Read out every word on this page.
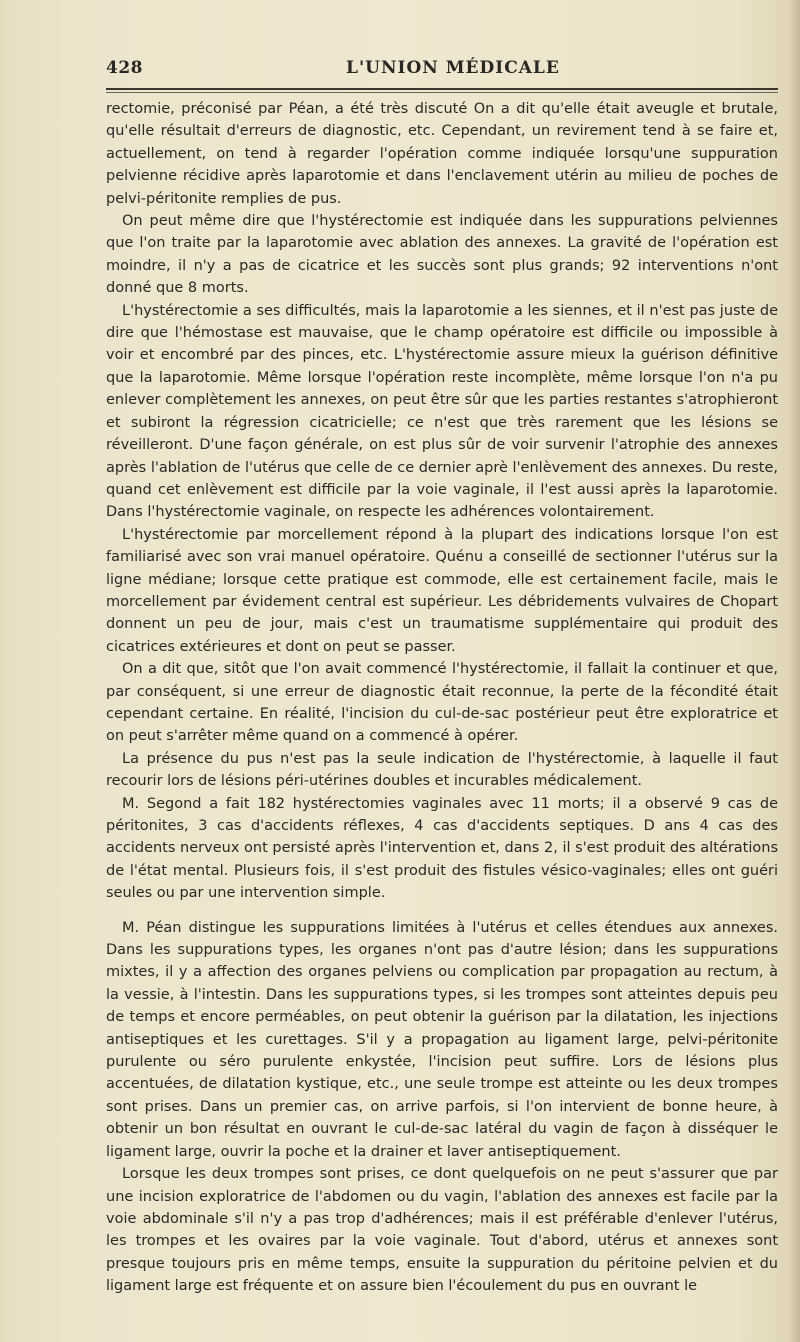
428	L'UNION MÉDICALE

rectomie, préconisé par Péan, a été très discuté On a dit qu'elle était aveugle et brutale, qu'elle résultait d'erreurs de diagnostic, etc. Cependant, un revirement tend à se faire et, actuellement, on tend à regarder l'opération comme indiquée lorsqu'une suppuration pelvienne récidive après laparotomie et dans l'enclavement utérin au milieu de poches de pelvi-péritonite remplies de pus.

On peut même dire que l'hystérectomie est indiquée dans les suppurations pelviennes que l'on traite par la laparotomie avec ablation des annexes. La gravité de l'opération est moindre, il n'y a pas de cicatrice et les succès sont plus grands; 92 interventions n'ont donné que 8 morts.

L'hystérectomie a ses difficultés, mais la laparotomie a les siennes, et il n'est pas juste de dire que l'hémostase est mauvaise, que le champ opératoire est difficile ou impossible à voir et encombré par des pinces, etc. L'hystérectomie assure mieux la guérison définitive que la laparotomie. Même lorsque l'opération reste incomplète, même lorsque l'on n'a pu enlever complètement les annexes, on peut être sûr que les parties restantes s'atrophieront et subiront la régression cicatricielle; ce n'est que très rarement que les lésions se réveilleront. D'une façon générale, on est plus sûr de voir survenir l'atrophie des annexes après l'ablation de l'utérus que celle de ce dernier aprè l'enlèvement des annexes. Du reste, quand cet enlèvement est difficile par la voie vaginale, il l'est aussi après la laparotomie. Dans l'hystérectomie vaginale, on respecte les adhérences volontairement.

L'hystérectomie par morcellement répond à la plupart des indications lorsque l'on est familiarisé avec son vrai manuel opératoire. Quénu a conseillé de sectionner l'utérus sur la ligne médiane; lorsque cette pratique est commode, elle est certainement facile, mais le morcellement par évidement central est supérieur. Les débridements vulvaires de Chopart donnent un peu de jour, mais c'est un traumatisme supplémentaire qui produit des cicatrices extérieures et dont on peut se passer.

On a dit que, sitôt que l'on avait commencé l'hystérectomie, il fallait la continuer et que, par conséquent, si une erreur de diagnostic était reconnue, la perte de la fécondité était cependant certaine. En réalité, l'incision du cul-de-sac postérieur peut être exploratrice et on peut s'arrêter même quand on a commencé à opérer.

La présence du pus n'est pas la seule indication de l'hystérectomie, à laquelle il faut recourir lors de lésions péri-utérines doubles et incurables médicalement.

M. Segond a fait 182 hystérectomies vaginales avec 11 morts; il a observé 9 cas de péritonites, 3 cas d'accidents réflexes, 4 cas d'accidents septiques. D ans 4 cas des accidents nerveux ont persisté après l'intervention et, dans 2, il s'est produit des altérations de l'état mental. Plusieurs fois, il s'est produit des fistules vésico-vaginales; elles ont guéri seules ou par une intervention simple.

M. Péan distingue les suppurations limitées à l'utérus et celles étendues aux annexes. Dans les suppurations types, les organes n'ont pas d'autre lésion; dans les suppurations mixtes, il y a affection des organes pelviens ou complication par propagation au rectum, à la vessie, à l'intestin. Dans les suppurations types, si les trompes sont atteintes depuis peu de temps et encore perméables, on peut obtenir la guérison par la dilatation, les injections antiseptiques et les curettages. S'il y a propagation au ligament large, pelvi-péritonite purulente ou séro purulente enkystée, l'incision peut suffire. Lors de lésions plus accentuées, de dilatation kystique, etc., une seule trompe est atteinte ou les deux trompes sont prises. Dans un premier cas, on arrive parfois, si l'on intervient de bonne heure, à obtenir un bon résultat en ouvrant le cul-de-sac latéral du vagin de façon à disséquer le ligament large, ouvrir la poche et la drainer et laver antiseptiquement.

Lorsque les deux trompes sont prises, ce dont quelquefois on ne peut s'assurer que par une incision exploratrice de l'abdomen ou du vagin, l'ablation des annexes est facile par la voie abdominale s'il n'y a pas trop d'adhérences; mais il est préférable d'enlever l'utérus, les trompes et les ovaires par la voie vaginale. Tout d'abord, utérus et annexes sont presque toujours pris en même temps, ensuite la suppuration du péritoine pelvien et du ligament large est fréquente et on assure bien l'écoulement du pus en ouvrant le
